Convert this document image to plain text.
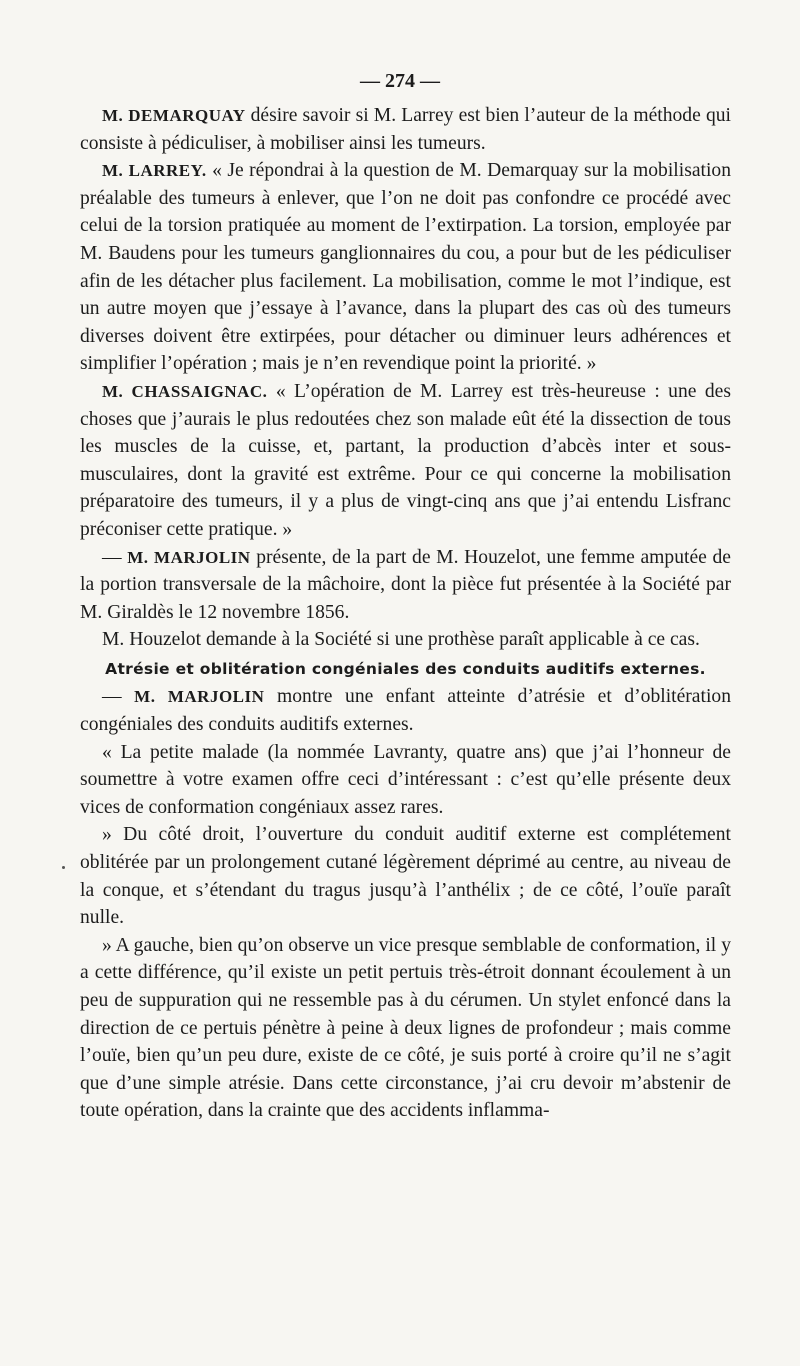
— 274 —

M. DEMARQUAY désire savoir si M. Larrey est bien l’auteur de la méthode qui consiste à pédiculiser, à mobiliser ainsi les tumeurs.

M. LARREY. « Je répondrai à la question de M. Demarquay sur la mobilisation préalable des tumeurs à enlever, que l’on ne doit pas confondre ce procédé avec celui de la torsion pratiquée au moment de l’extirpation. La torsion, employée par M. Baudens pour les tumeurs ganglionnaires du cou, a pour but de les pédiculiser afin de les détacher plus facilement. La mobilisation, comme le mot l’indique, est un autre moyen que j’essaye à l’avance, dans la plupart des cas où des tumeurs diverses doivent être extirpées, pour détacher ou diminuer leurs adhérences et simplifier l’opération ; mais je n’en revendique point la priorité. »

M. CHASSAIGNAC. « L’opération de M. Larrey est très-heureuse : une des choses que j’aurais le plus redoutées chez son malade eût été la dissection de tous les muscles de la cuisse, et, partant, la production d’abcès inter et sous-musculaires, dont la gravité est extrême. Pour ce qui concerne la mobilisation préparatoire des tumeurs, il y a plus de vingt-cinq ans que j’ai entendu Lisfranc préconiser cette pratique. »

— M. MARJOLIN présente, de la part de M. Houzelot, une femme amputée de la portion transversale de la mâchoire, dont la pièce fut présentée à la Société par M. Giraldès le 12 novembre 1856.

M. Houzelot demande à la Société si une prothèse paraît applicable à ce cas.

Atrésie et oblitération congéniales des conduits auditifs externes.

— M. MARJOLIN montre une enfant atteinte d’atrésie et d’oblitération congéniales des conduits auditifs externes.

« La petite malade (la nommée Lavranty, quatre ans) que j’ai l’honneur de soumettre à votre examen offre ceci d’intéressant : c’est qu’elle présente deux vices de conformation congéniaux assez rares.

» Du côté droit, l’ouverture du conduit auditif externe est complétement oblitérée par un prolongement cutané légèrement déprimé au centre, au niveau de la conque, et s’étendant du tragus jusqu’à l’anthélix ; de ce côté, l’ouïe paraît nulle.

» A gauche, bien qu’on observe un vice presque semblable de conformation, il y a cette différence, qu’il existe un petit pertuis très-étroit donnant écoulement à un peu de suppuration qui ne ressemble pas à du cérumen. Un stylet enfoncé dans la direction de ce pertuis pénètre à peine à deux lignes de profondeur ; mais comme l’ouïe, bien qu’un peu dure, existe de ce côté, je suis porté à croire qu’il ne s’agit que d’une simple atrésie. Dans cette circonstance, j’ai cru devoir m’abstenir de toute opération, dans la crainte que des accidents inflamma-
